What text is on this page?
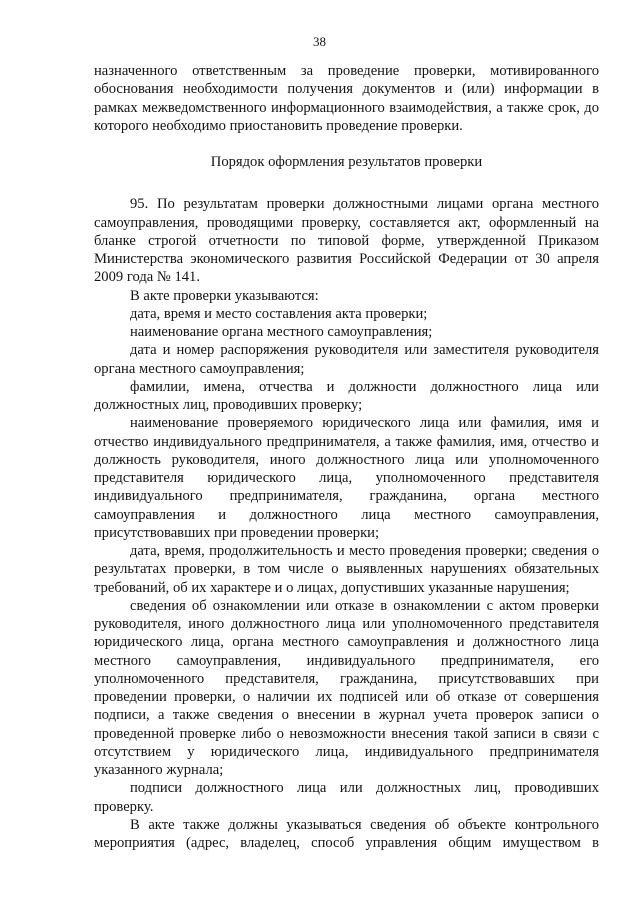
38

назначенного ответственным за проведение проверки, мотивированного обоснования необходимости получения документов и (или) информации в рамках межведомственного информационного взаимодействия, а также срок, до которого необходимо приостановить проведение проверки.

Порядок оформления результатов проверки

95. По результатам проверки должностными лицами органа местного самоуправления, проводящими проверку, составляется акт, оформленный на бланке строгой отчетности по типовой форме, утвержденной Приказом Министерства экономического развития Российской Федерации от 30 апреля 2009 года № 141.

В акте проверки указываются:

дата, время и место составления акта проверки;

наименование органа местного самоуправления;

дата и номер распоряжения руководителя или заместителя руководителя органа местного самоуправления;

фамилии, имена, отчества и должности должностного лица или должностных лиц, проводивших проверку;

наименование проверяемого юридического лица или фамилия, имя и отчество индивидуального предпринимателя, а также фамилия, имя, отчество и должность руководителя, иного должностного лица или уполномоченного представителя юридического лица, уполномоченного представителя индивидуального предпринимателя, гражданина, органа местного самоуправления и должностного лица местного самоуправления, присутствовавших при проведении проверки;

дата, время, продолжительность и место проведения проверки; сведения о результатах проверки, в том числе о выявленных нарушениях обязательных требований, об их характере и о лицах, допустивших указанные нарушения;

сведения об ознакомлении или отказе в ознакомлении с актом проверки руководителя, иного должностного лица или уполномоченного представителя юридического лица, органа местного самоуправления и должностного лица местного самоуправления, индивидуального предпринимателя, его уполномоченного представителя, гражданина, присутствовавших при проведении проверки, о наличии их подписей или об отказе от совершения подписи, а также сведения о внесении в журнал учета проверок записи о проведенной проверке либо о невозможности внесения такой записи в связи с отсутствием у юридического лица, индивидуального предпринимателя указанного журнала;

подписи должностного лица или должностных лиц, проводивших проверку.

В акте также должны указываться сведения об объекте контрольного мероприятия (адрес, владелец, способ управления общим имуществом в
